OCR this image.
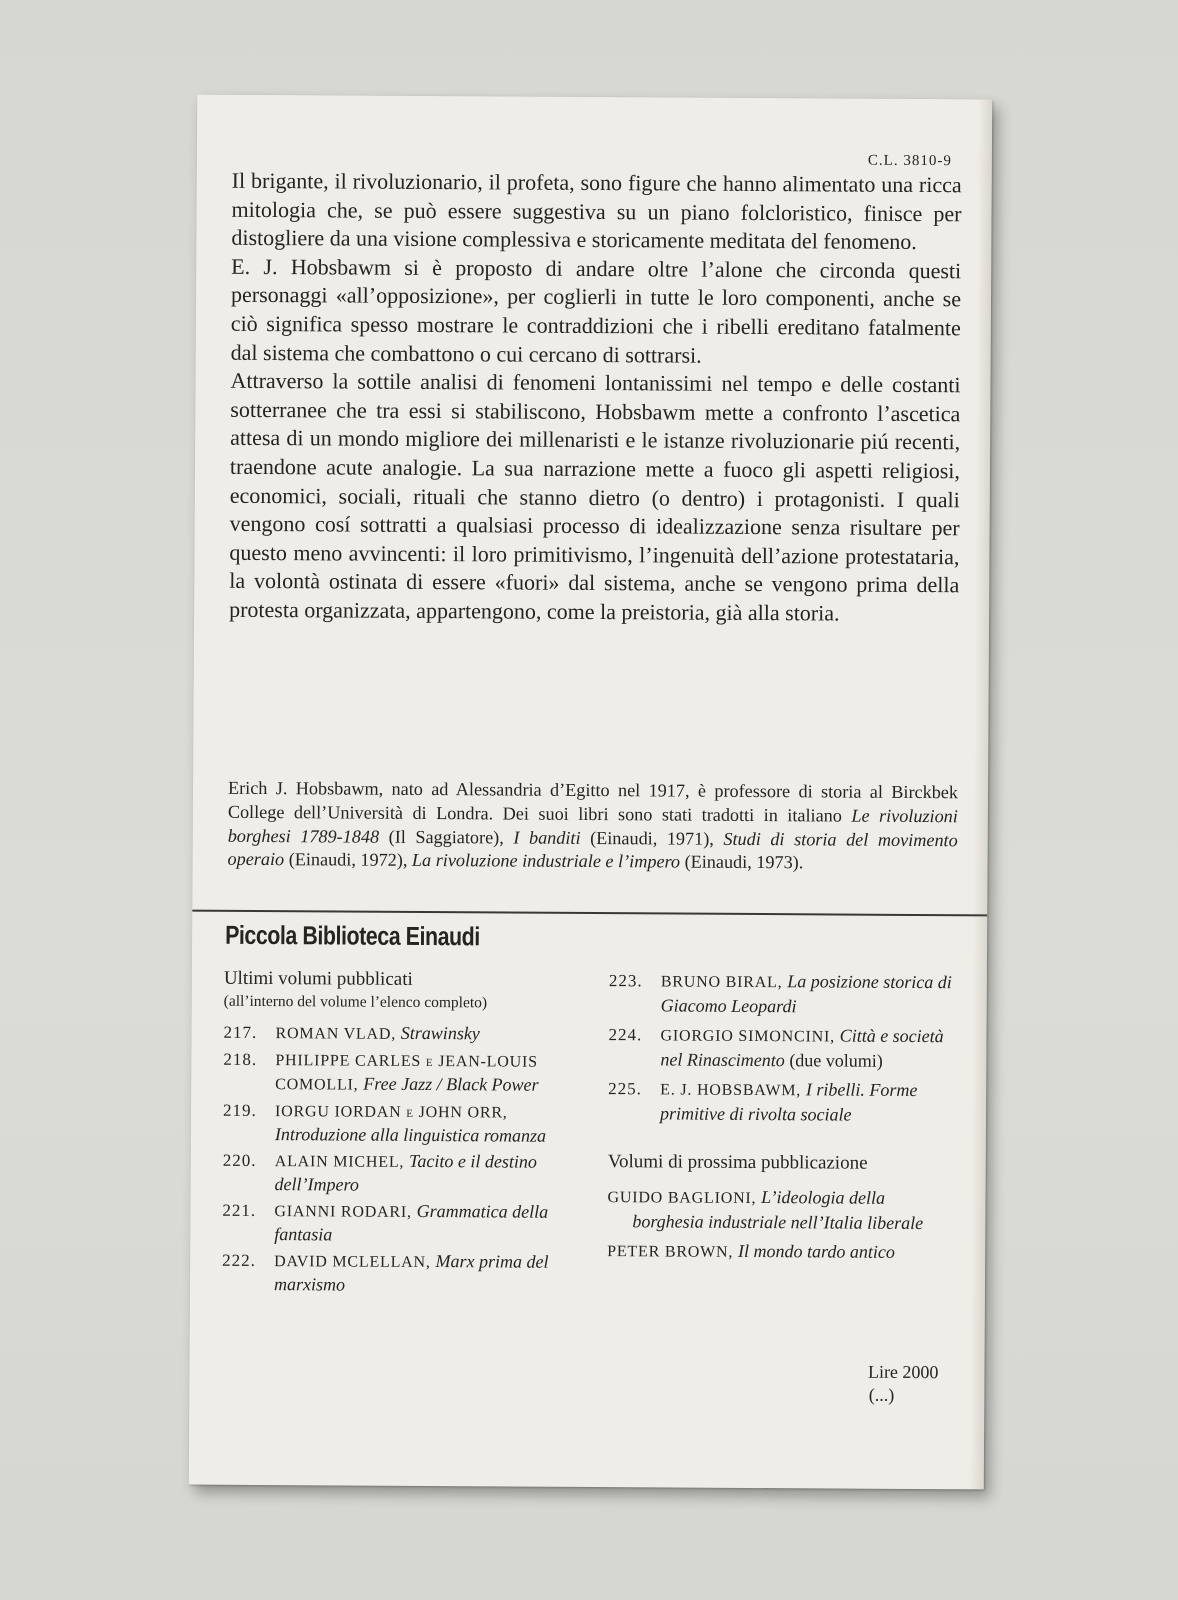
C.L. 3810-9

Il brigante, il rivoluzionario, il profeta, sono figure che hanno alimentato una ricca mitologia che, se può essere suggestiva su un piano folcloristico, finisce per distogliere da una visione complessiva e storicamente meditata del fenomeno.

E. J. Hobsbawm si è proposto di andare oltre l’alone che circonda questi personaggi «all’opposizione», per coglierli in tutte le loro componenti, anche se ciò significa spesso mostrare le contraddizioni che i ribelli ereditano fatalmente dal sistema che combattono o cui cercano di sottrarsi.

Attraverso la sottile analisi di fenomeni lontanissimi nel tempo e delle costanti sotterranee che tra essi si stabiliscono, Hobsbawm mette a confronto l’ascetica attesa di un mondo migliore dei millenaristi e le istanze rivoluzionarie piú recenti, traendone acute analogie. La sua narrazione mette a fuoco gli aspetti religiosi, economici, sociali, rituali che stanno dietro (o dentro) i protagonisti. I quali vengono cosí sottratti a qualsiasi processo di idealizzazione senza risultare per questo meno avvincenti: il loro primitivismo, l’ingenuità dell’azione protestataria, la volontà ostinata di essere «fuori» dal sistema, anche se vengono prima della protesta organizzata, appartengono, come la preistoria, già alla storia.

Erich J. Hobsbawm, nato ad Alessandria d’Egitto nel 1917, è professore di storia al Birckbek College dell’Università di Londra. Dei suoi libri sono stati tradotti in italiano Le rivoluzioni borghesi 1789-1848 (Il Saggiatore), I banditi (Einaudi, 1971), Studi di storia del movimento operaio (Einaudi, 1972), La rivoluzione industriale e l’impero (Einaudi, 1973).
Piccola Biblioteca Einaudi
Ultimi volumi pubblicati
(all’interno del volume l’elenco completo)
217.	ROMAN VLAD, Strawinsky
218.	PHILIPPE CARLES e JEAN-LOUIS COMOLLI, Free Jazz / Black Power
219.	IORGU IORDAN e JOHN ORR, Introduzione alla linguistica romanza
220.	ALAIN MICHEL, Tacito e il destino dell’Impero
221.	GIANNI RODARI, Grammatica della fantasia
222.	DAVID MCLELLAN, Marx prima del marxismo
223.	BRUNO BIRAL, La posizione storica di Giacomo Leopardi
224.	GIORGIO SIMONCINI, Città e società nel Rinascimento (due volumi)
225.	E. J. HOBSBAWM, I ribelli. Forme primitive di rivolta sociale
Volumi di prossima pubblicazione
GUIDO BAGLIONI, L’ideologia della borghesia industriale nell’Italia liberale
PETER BROWN, Il mondo tardo antico
Lire 2000
(...)
